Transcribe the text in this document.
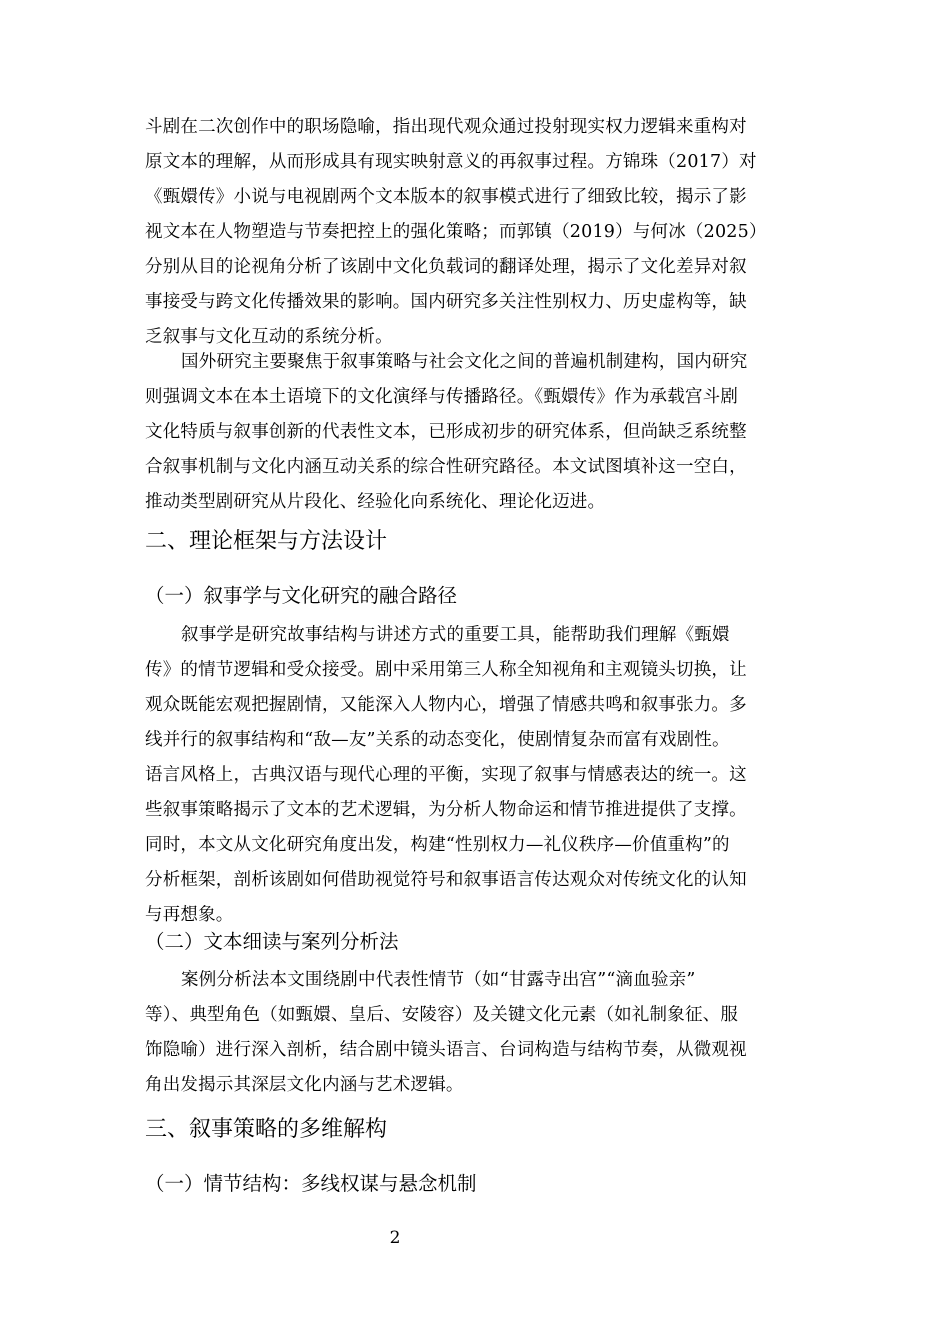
斗剧在二次创作中的职场隐喻，指出现代观众通过投射现实权力逻辑来重构对
原文本的理解，从而形成具有现实映射意义的再叙事过程。方锦珠（2017）对
《甄嬛传》小说与电视剧两个文本版本的叙事模式进行了细致比较，揭示了影
视文本在人物塑造与节奏把控上的强化策略；而郭镇（2019）与何冰（2025）
分别从目的论视角分析了该剧中文化负载词的翻译处理，揭示了文化差异对叙
事接受与跨文化传播效果的影响。国内研究多关注性别权力、历史虚构等，缺
乏叙事与文化互动的系统分析。
国外研究主要聚焦于叙事策略与社会文化之间的普遍机制建构，国内研究
则强调文本在本土语境下的文化演绎与传播路径。《甄嬛传》作为承载宫斗剧
文化特质与叙事创新的代表性文本，已形成初步的研究体系，但尚缺乏系统整
合叙事机制与文化内涵互动关系的综合性研究路径。本文试图填补这一空白，
推动类型剧研究从片段化、经验化向系统化、理论化迈进。
二、理论框架与方法设计
（一）叙事学与文化研究的融合路径
叙事学是研究故事结构与讲述方式的重要工具，能帮助我们理解《甄嬛
传》的情节逻辑和受众接受。剧中采用第三人称全知视角和主观镜头切换，让
观众既能宏观把握剧情，又能深入人物内心，增强了情感共鸣和叙事张力。多
线并行的叙事结构和“敌—友”关系的动态变化，使剧情复杂而富有戏剧性。
语言风格上，古典汉语与现代心理的平衡，实现了叙事与情感表达的统一。这
些叙事策略揭示了文本的艺术逻辑，为分析人物命运和情节推进提供了支撑。
同时，本文从文化研究角度出发，构建“性别权力—礼仪秩序—价值重构”的
分析框架，剖析该剧如何借助视觉符号和叙事语言传达观众对传统文化的认知
与再想象。
（二）文本细读与案列分析法
案例分析法本文围绕剧中代表性情节（如“甘露寺出宫”“滴血验亲”
等）、典型角色（如甄嬛、皇后、安陵容）及关键文化元素（如礼制象征、服
饰隐喻）进行深入剖析，结合剧中镜头语言、台词构造与结构节奏，从微观视
角出发揭示其深层文化内涵与艺术逻辑。
三、叙事策略的多维解构
（一）情节结构：多线权谋与悬念机制
2
